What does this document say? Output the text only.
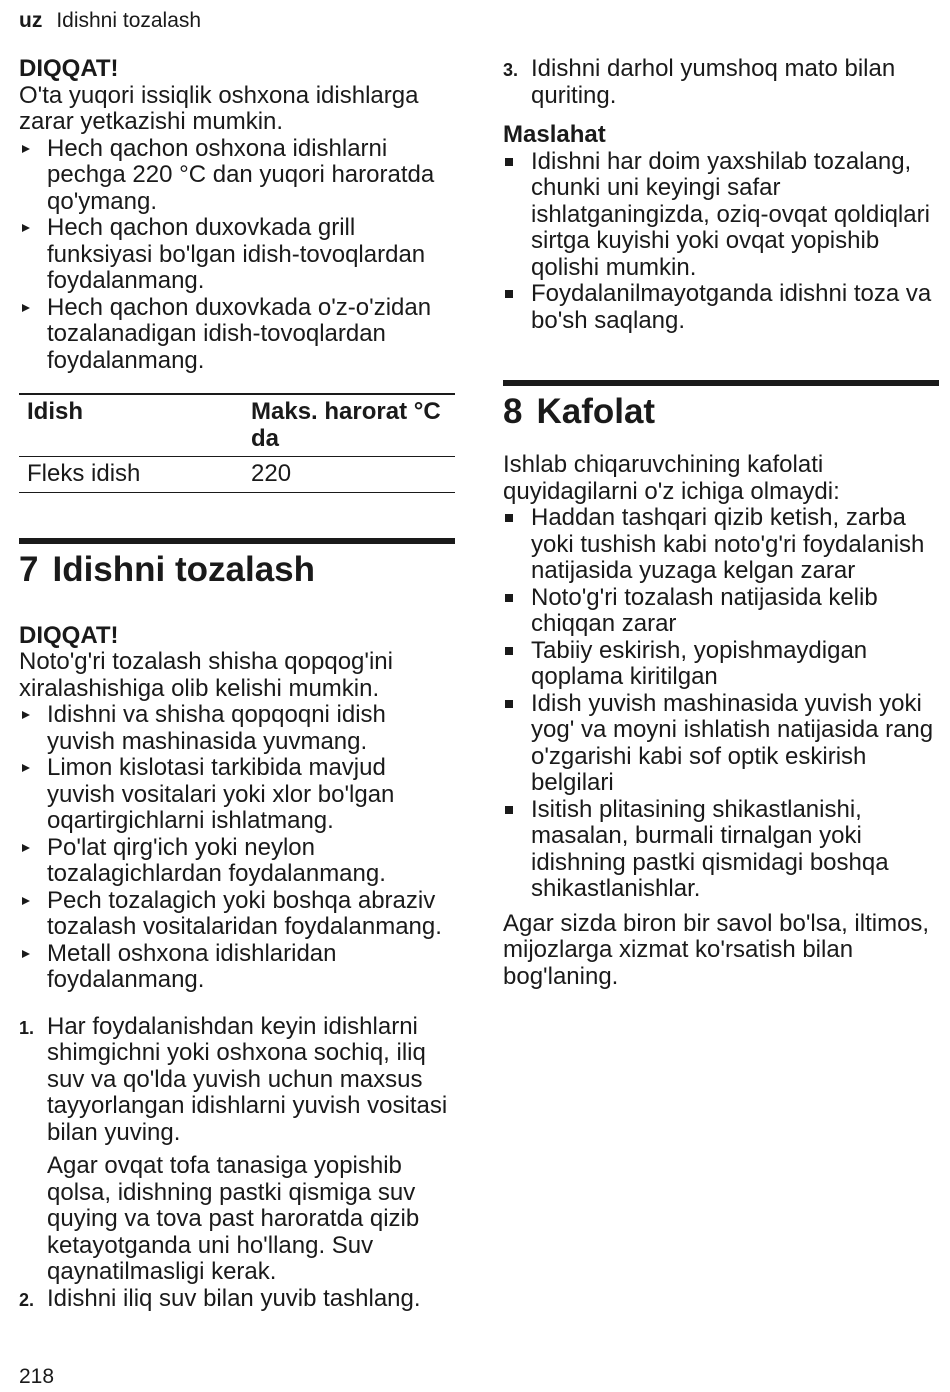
uz Idishni tozalash
DIQQAT!
O'ta yuqori issiqlik oshxona idishlarga zarar yetkazishi mumkin.
Hech qachon oshxona idishlarni pechga 220 °C dan yuqori haroratda qo'ymang.
Hech qachon duxovkada grill funksiyasi bo'lgan idish-tovoqlardan foydalanmang.
Hech qachon duxovkada o'z-o'zidan tozalanadigan idish-tovoqlardan foydalanmang.
Idish	Maks. harorat °C da
Fleks idish	220
7 Idishni tozalash
DIQQAT!
Noto'g'ri tozalash shisha qopqog'ini xiralashishiga olib kelishi mumkin.
Idishni va shisha qopqoqni idish yuvish mashinasida yuvmang.
Limon kislotasi tarkibida mavjud yuvish vositalari yoki xlor bo'lgan oqartirgichlarni ishlatmang.
Po'lat qirg'ich yoki neylon tozalagichlardan foydalanmang.
Pech tozalagich yoki boshqa abraziv tozalash vositalaridan foydalanmang.
Metall oshxona idishlaridan foydalanmang.
1. Har foydalanishdan keyin idishlarni shimgichni yoki oshxona sochiq, iliq suv va qo'lda yuvish uchun maxsus tayyorlangan idishlarni yuvish vositasi bilan yuving.
Agar ovqat tofa tanasiga yopishib qolsa, idishning pastki qismiga suv quying va tova past haroratda qizib ketayotganda uni ho'llang. Suv qaynatilmasligi kerak.
2. Idishni iliq suv bilan yuvib tashlang.
3. Idishni darhol yumshoq mato bilan quriting.
Maslahat
Idishni har doim yaxshilab tozalang, chunki uni keyingi safar ishlatganingizda, oziq-ovqat qoldiqlari sirtga kuyishi yoki ovqat yopishib qolishi mumkin.
Foydalanilmayotganda idishni toza va bo'sh saqlang.
8 Kafolat
Ishlab chiqaruvchining kafolati quyidagilarni o'z ichiga olmaydi:
Haddan tashqari qizib ketish, zarba yoki tushish kabi noto'g'ri foydalanish natijasida yuzaga kelgan zarar
Noto'g'ri tozalash natijasida kelib chiqqan zarar
Tabiiy eskirish, yopishmaydigan qoplama kiritilgan
Idish yuvish mashinasida yuvish yoki yog' va moyni ishlatish natijasida rang o'zgarishi kabi sof optik eskirish belgilari
Isitish plitasining shikastlanishi, masalan, burmali tirnalgan yoki idishning pastki qismidagi boshqa shikastlanishlar.
Agar sizda biron bir savol bo'lsa, iltimos, mijozlarga xizmat ko'rsatish bilan bog'laning.
218
